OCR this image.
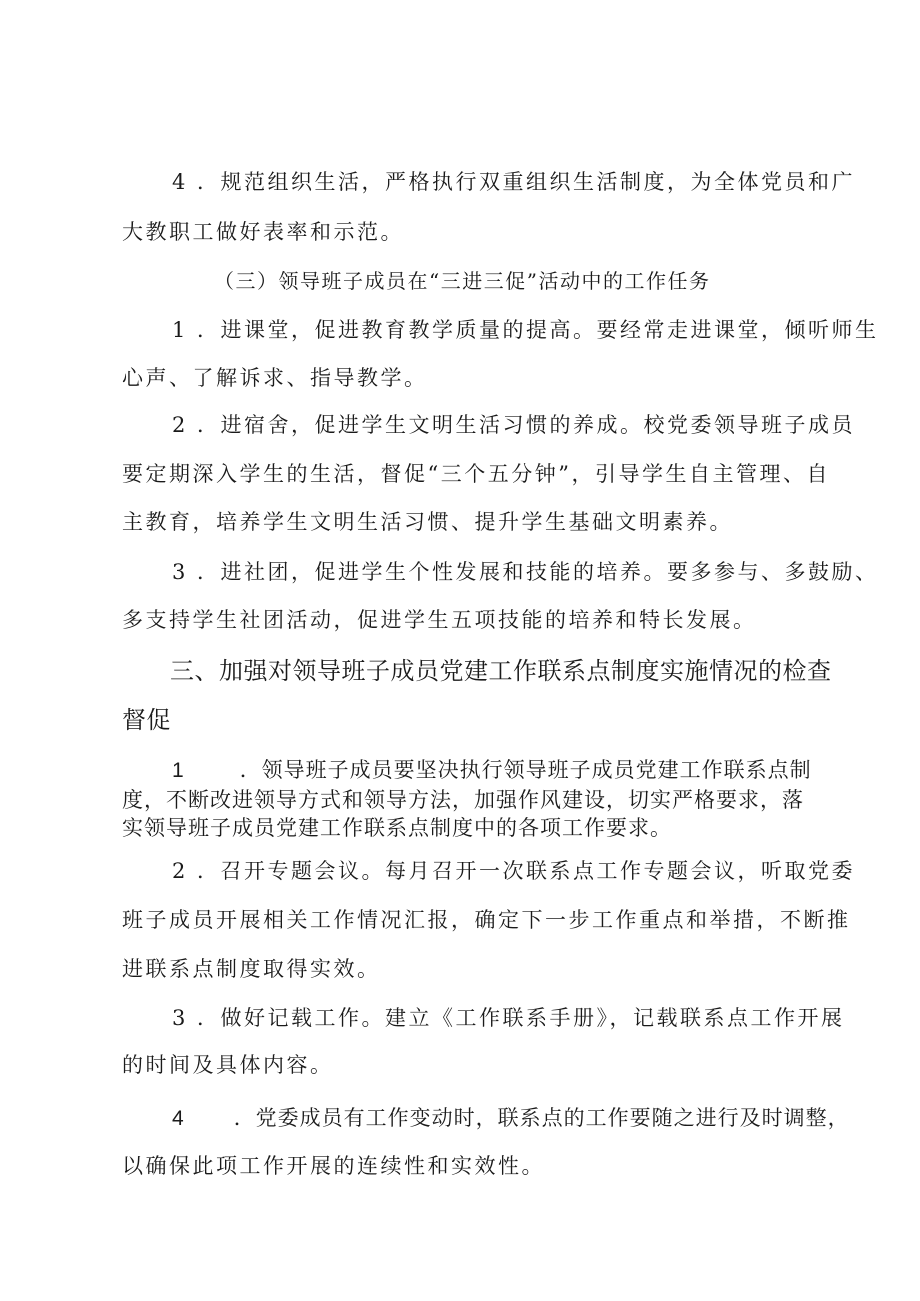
4 ．规范组织生活，严格执行双重组织生活制度，为全体党员和广
大教职工做好表率和示范。
（三）领导班子成员在“三进三促”活动中的工作任务
1 ．进课堂，促进教育教学质量的提高。要经常走进课堂，倾听师生
心声、了解诉求、指导教学。
2 ．进宿舍，促进学生文明生活习惯的养成。校党委领导班子成员
要定期深入学生的生活，督促“三个五分钟”，引导学生自主管理、自
主教育，培养学生文明生活习惯、提升学生基础文明素养。
3 ．进社团，促进学生个性发展和技能的培养。要多参与、多鼓励、
多支持学生社团活动，促进学生五项技能的培养和特长发展。
三、加强对领导班子成员党建工作联系点制度实施情况的检查
督促
1	．领导班子成员要坚决执行领导班子成员党建工作联系点制
度，不断改进领导方式和领导方法，加强作风建设，切实严格要求，落
实领导班子成员党建工作联系点制度中的各项工作要求。
2 ．召开专题会议。每月召开一次联系点工作专题会议，听取党委
班子成员开展相关工作情况汇报，确定下一步工作重点和举措，不断推
进联系点制度取得实效。
3 ．做好记载工作。建立《工作联系手册》，记载联系点工作开展
的时间及具体内容。
4 ．党委成员有工作变动时，联系点的工作要随之进行及时调整，
以确保此项工作开展的连续性和实效性。
